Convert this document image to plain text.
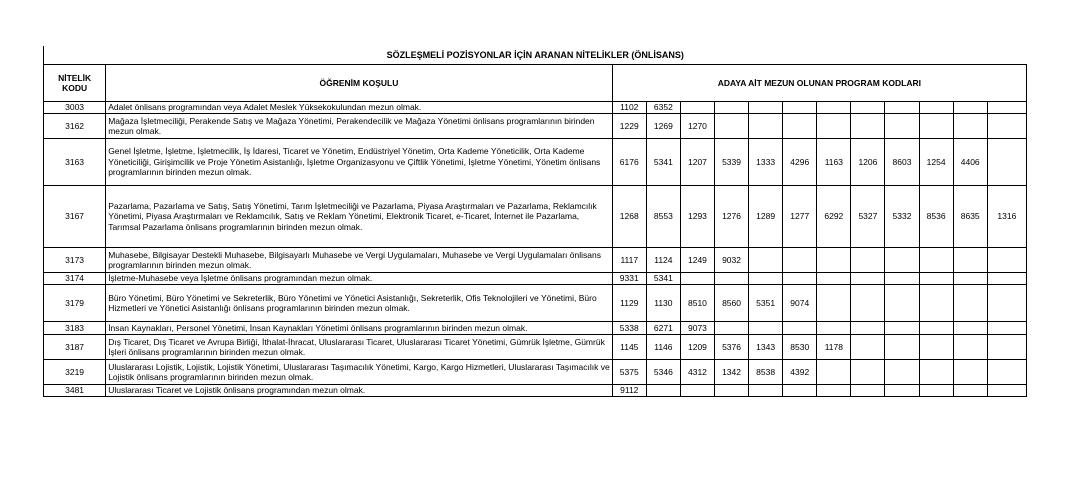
SÖZLEŞMELİ POZİSYONLAR İÇİN ARANAN NİTELİKLER (ÖNLİSANS)													
NİTELİK KODU	ÖĞRENİM KOŞULU	ADAYA AİT MEZUN OLUNAN PROGRAM KODLARI											
3003	Adalet önlisans programından veya Adalet Meslek Yüksekokulundan mezun olmak.	1102	6352										
3162	Mağaza İşletmeciliği, Perakende Satış ve Mağaza Yönetimi, Perakendecilik ve Mağaza Yönetimi önlisans programlarının birinden mezun olmak.	1229	1269	1270									
3163	Genel İşletme, İşletme, İşletmecilik, İş İdaresi, Ticaret ve Yönetim, Endüstriyel Yönetim, Orta Kademe Yöneticilik, Orta Kademe Yöneticiliği, Girişimcilik ve Proje Yönetim Asistanlığı, İşletme Organizasyonu ve Çiftlik Yönetimi, İşletme Yönetimi, Yönetim önlisans programlarının birinden mezun olmak.	6176	5341	1207	5339	1333	4296	1163	1206	8603	1254	4406	
3167	Pazarlama, Pazarlama ve Satış, Satış Yönetimi, Tarım İşletmeciliği ve Pazarlama, Piyasa Araştırmaları ve Pazarlama, Reklamcılık Yönetimi, Piyasa Araştırmaları ve Reklamcılık, Satış ve Reklam Yönetimi, Elektronik Ticaret, e-Ticaret, İnternet ile Pazarlama, Tarımsal Pazarlama önlisans programlarının birinden mezun olmak.	1268	8553	1293	1276	1289	1277	6292	5327	5332	8536	8635	1316
3173	Muhasebe, Bilgisayar Destekli Muhasebe, Bilgisayarlı Muhasebe ve Vergi Uygulamaları, Muhasebe ve Vergi Uygulamaları önlisans programlarının birinden mezun olmak.	1117	1124	1249	9032								
3174	İşletme-Muhasebe veya İşletme önlisans programından mezun olmak.	9331	5341										
3179	Büro Yönetimi, Büro Yönetimi ve Sekreterlik, Büro Yönetimi ve Yönetici Asistanlığı, Sekreterlik, Ofis Teknolojileri ve Yönetimi, Büro Hizmetleri ve Yönetici Asistanlığı önlisans programlarının birinden mezun olmak.	1129	1130	8510	8560	5351	9074						
3183	İnsan Kaynakları, Personel Yönetimi, İnsan Kaynakları Yönetimi önlisans programlarının birinden mezun olmak.	5338	6271	9073									
3187	Dış Ticaret, Dış Ticaret ve Avrupa Birliği, İthalat-İhracat, Uluslararası Ticaret, Uluslararası Ticaret Yönetimi, Gümrük İşletme, Gümrük İşleri önlisans programlarının birinden mezun olmak.	1145	1146	1209	5376	1343	8530	1178					
3219	Uluslararası Lojistik, Lojistik, Lojistik Yönetimi, Uluslararası Taşımacılık Yönetimi, Kargo, Kargo Hizmetleri, Uluslararası Taşımacılık ve Lojistik önlisans programlarının birinden mezun olmak.	5375	5346	4312	1342	8538	4392						
3481	Uluslararası Ticaret ve Lojistik önlisans programından mezun olmak.	9112											
